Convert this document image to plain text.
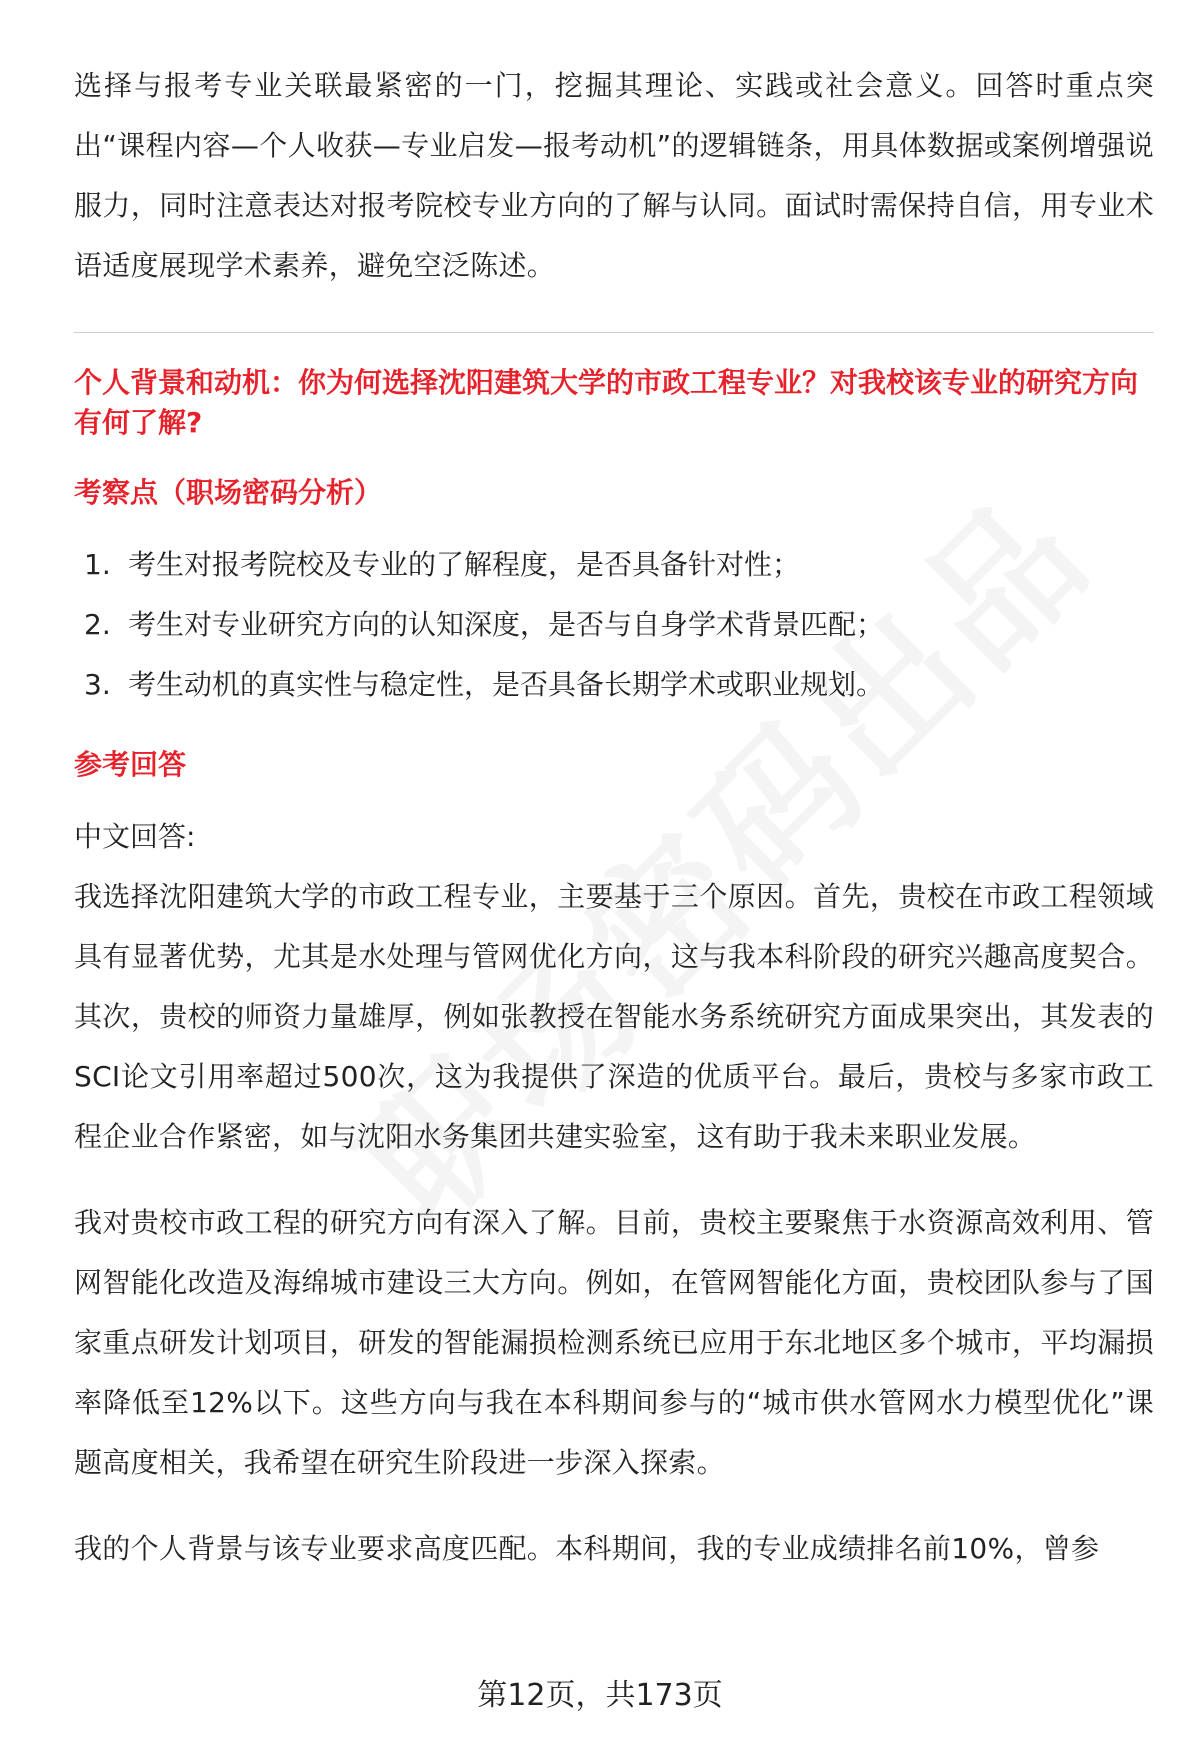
选择与报考专业关联最紧密的一门，挖掘其理论、实践或社会意义。回答时重点突出“课程内容—个人收获—专业启发—报考动机”的逻辑链条，用具体数据或案例增强说服力，同时注意表达对报考院校专业方向的了解与认同。面试时需保持自信，用专业术语适度展现学术素养，避免空泛陈述。

个人背景和动机：你为何选择沈阳建筑大学的市政工程专业？对我校该专业的研究方向有何了解?

考察点（职场密码分析）

1. 考生对报考院校及专业的了解程度，是否具备针对性；
2. 考生对专业研究方向的认知深度，是否与自身学术背景匹配；
3. 考生动机的真实性与稳定性，是否具备长期学术或职业规划。

参考回答

中文回答:

我选择沈阳建筑大学的市政工程专业，主要基于三个原因。首先，贵校在市政工程领域具有显著优势，尤其是水处理与管网优化方向，这与我本科阶段的研究兴趣高度契合。其次，贵校的师资力量雄厚，例如张教授在智能水务系统研究方面成果突出，其发表的SCI论文引用率超过500次，这为我提供了深造的优质平台。最后，贵校与多家市政工程企业合作紧密，如与沈阳水务集团共建实验室，这有助于我未来职业发展。

我对贵校市政工程的研究方向有深入了解。目前，贵校主要聚焦于水资源高效利用、管网智能化改造及海绵城市建设三大方向。例如，在管网智能化方面，贵校团队参与了国家重点研发计划项目，研发的智能漏损检测系统已应用于东北地区多个城市，平均漏损率降低至12%以下。这些方向与我在本科期间参与的“城市供水管网水力模型优化”课题高度相关，我希望在研究生阶段进一步深入探索。

我的个人背景与该专业要求高度匹配。本科期间，我的专业成绩排名前10%，曾参

第12页，共173页
